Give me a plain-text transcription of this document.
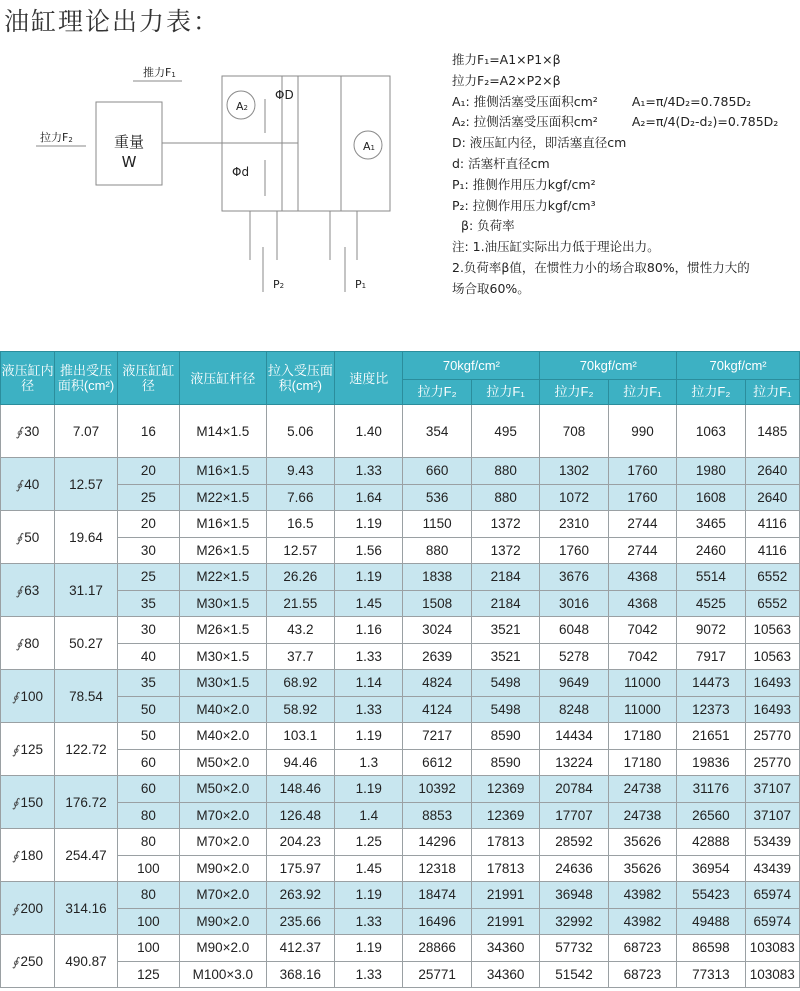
油缸理论出力表：
推力F1
拉力F2	重量
W
A2
A1
ΦD
Φd
P2	P1
推力F₁=A1×P1×β
拉力F₂=A2×P2×β
A₁: 推侧活塞受压面积cm²	A₁=π/4D₂=0.785D₂
A₂: 拉侧活塞受压面积cm²	A₂=π/4(D₂-d₂)=0.785D₂
D: 液压缸内径，即活塞直径cm
d: 活塞杆直径cm
P₁: 推侧作用压力kgf/cm²
P₂: 拉侧作用压力kgf/cm³
β: 负荷率
注: 1.油压缸实际出力低于理论出力。
2.负荷率β值，在惯性力小的场合取80%，惯性力大的
场合取60%。
液压缸内径	推出受压面积(cm²)	液压缸缸径	液压缸杆径	拉入受压面积(cm²)	速度比	70kgf/cm²		70kgf/cm²		70kgf/cm²	
						拉力F₂	拉力F₁	拉力F₂	拉力F₁	拉力F₂	拉力F₁
∮ 30	7.07	16	M14×1.5	5.06	1.40	354	495	708	990	1063	1485
∮ 40	12.57	20	M16×1.5	9.43	1.33	660	880	1302	1760	1980	2640
		25	M22×1.5	7.66	1.64	536	880	1072	1760	1608	2640
∮ 50	19.64	20	M16×1.5	16.5	1.19	1150	1372	2310	2744	3465	4116
		30	M26×1.5	12.57	1.56	880	1372	1760	2744	2460	4116
∮ 63	31.17	25	M22×1.5	26.26	1.19	1838	2184	3676	4368	5514	6552
		35	M30×1.5	21.55	1.45	1508	2184	3016	4368	4525	6552
∮ 80	50.27	30	M26×1.5	43.2	1.16	3024	3521	6048	7042	9072	10563
		40	M30×1.5	37.7	1.33	2639	3521	5278	7042	7917	10563
∮ 100	78.54	35	M30×1.5	68.92	1.14	4824	5498	9649	11000	14473	16493
		50	M40×2.0	58.92	1.33	4124	5498	8248	11000	12373	16493
∮ 125	122.72	50	M40×2.0	103.1	1.19	7217	8590	14434	17180	21651	25770
		60	M50×2.0	94.46	1.3	6612	8590	13224	17180	19836	25770
∮ 150	176.72	60	M50×2.0	148.46	1.19	10392	12369	20784	24738	31176	37107
		80	M70×2.0	126.48	1.4	8853	12369	17707	24738	26560	37107
∮ 180	254.47	80	M70×2.0	204.23	1.25	14296	17813	28592	35626	42888	53439
		100	M90×2.0	175.97	1.45	12318	17813	24636	35626	36954	43439
∮ 200	314.16	80	M70×2.0	263.92	1.19	18474	21991	36948	43982	55423	65974
		100	M90×2.0	235.66	1.33	16496	21991	32992	43982	49488	65974
∮ 250	490.87	100	M90×2.0	412.37	1.19	28866	34360	57732	68723	86598	103083
		125	M100×3.0	368.16	1.33	25771	34360	51542	68723	77313	103083
